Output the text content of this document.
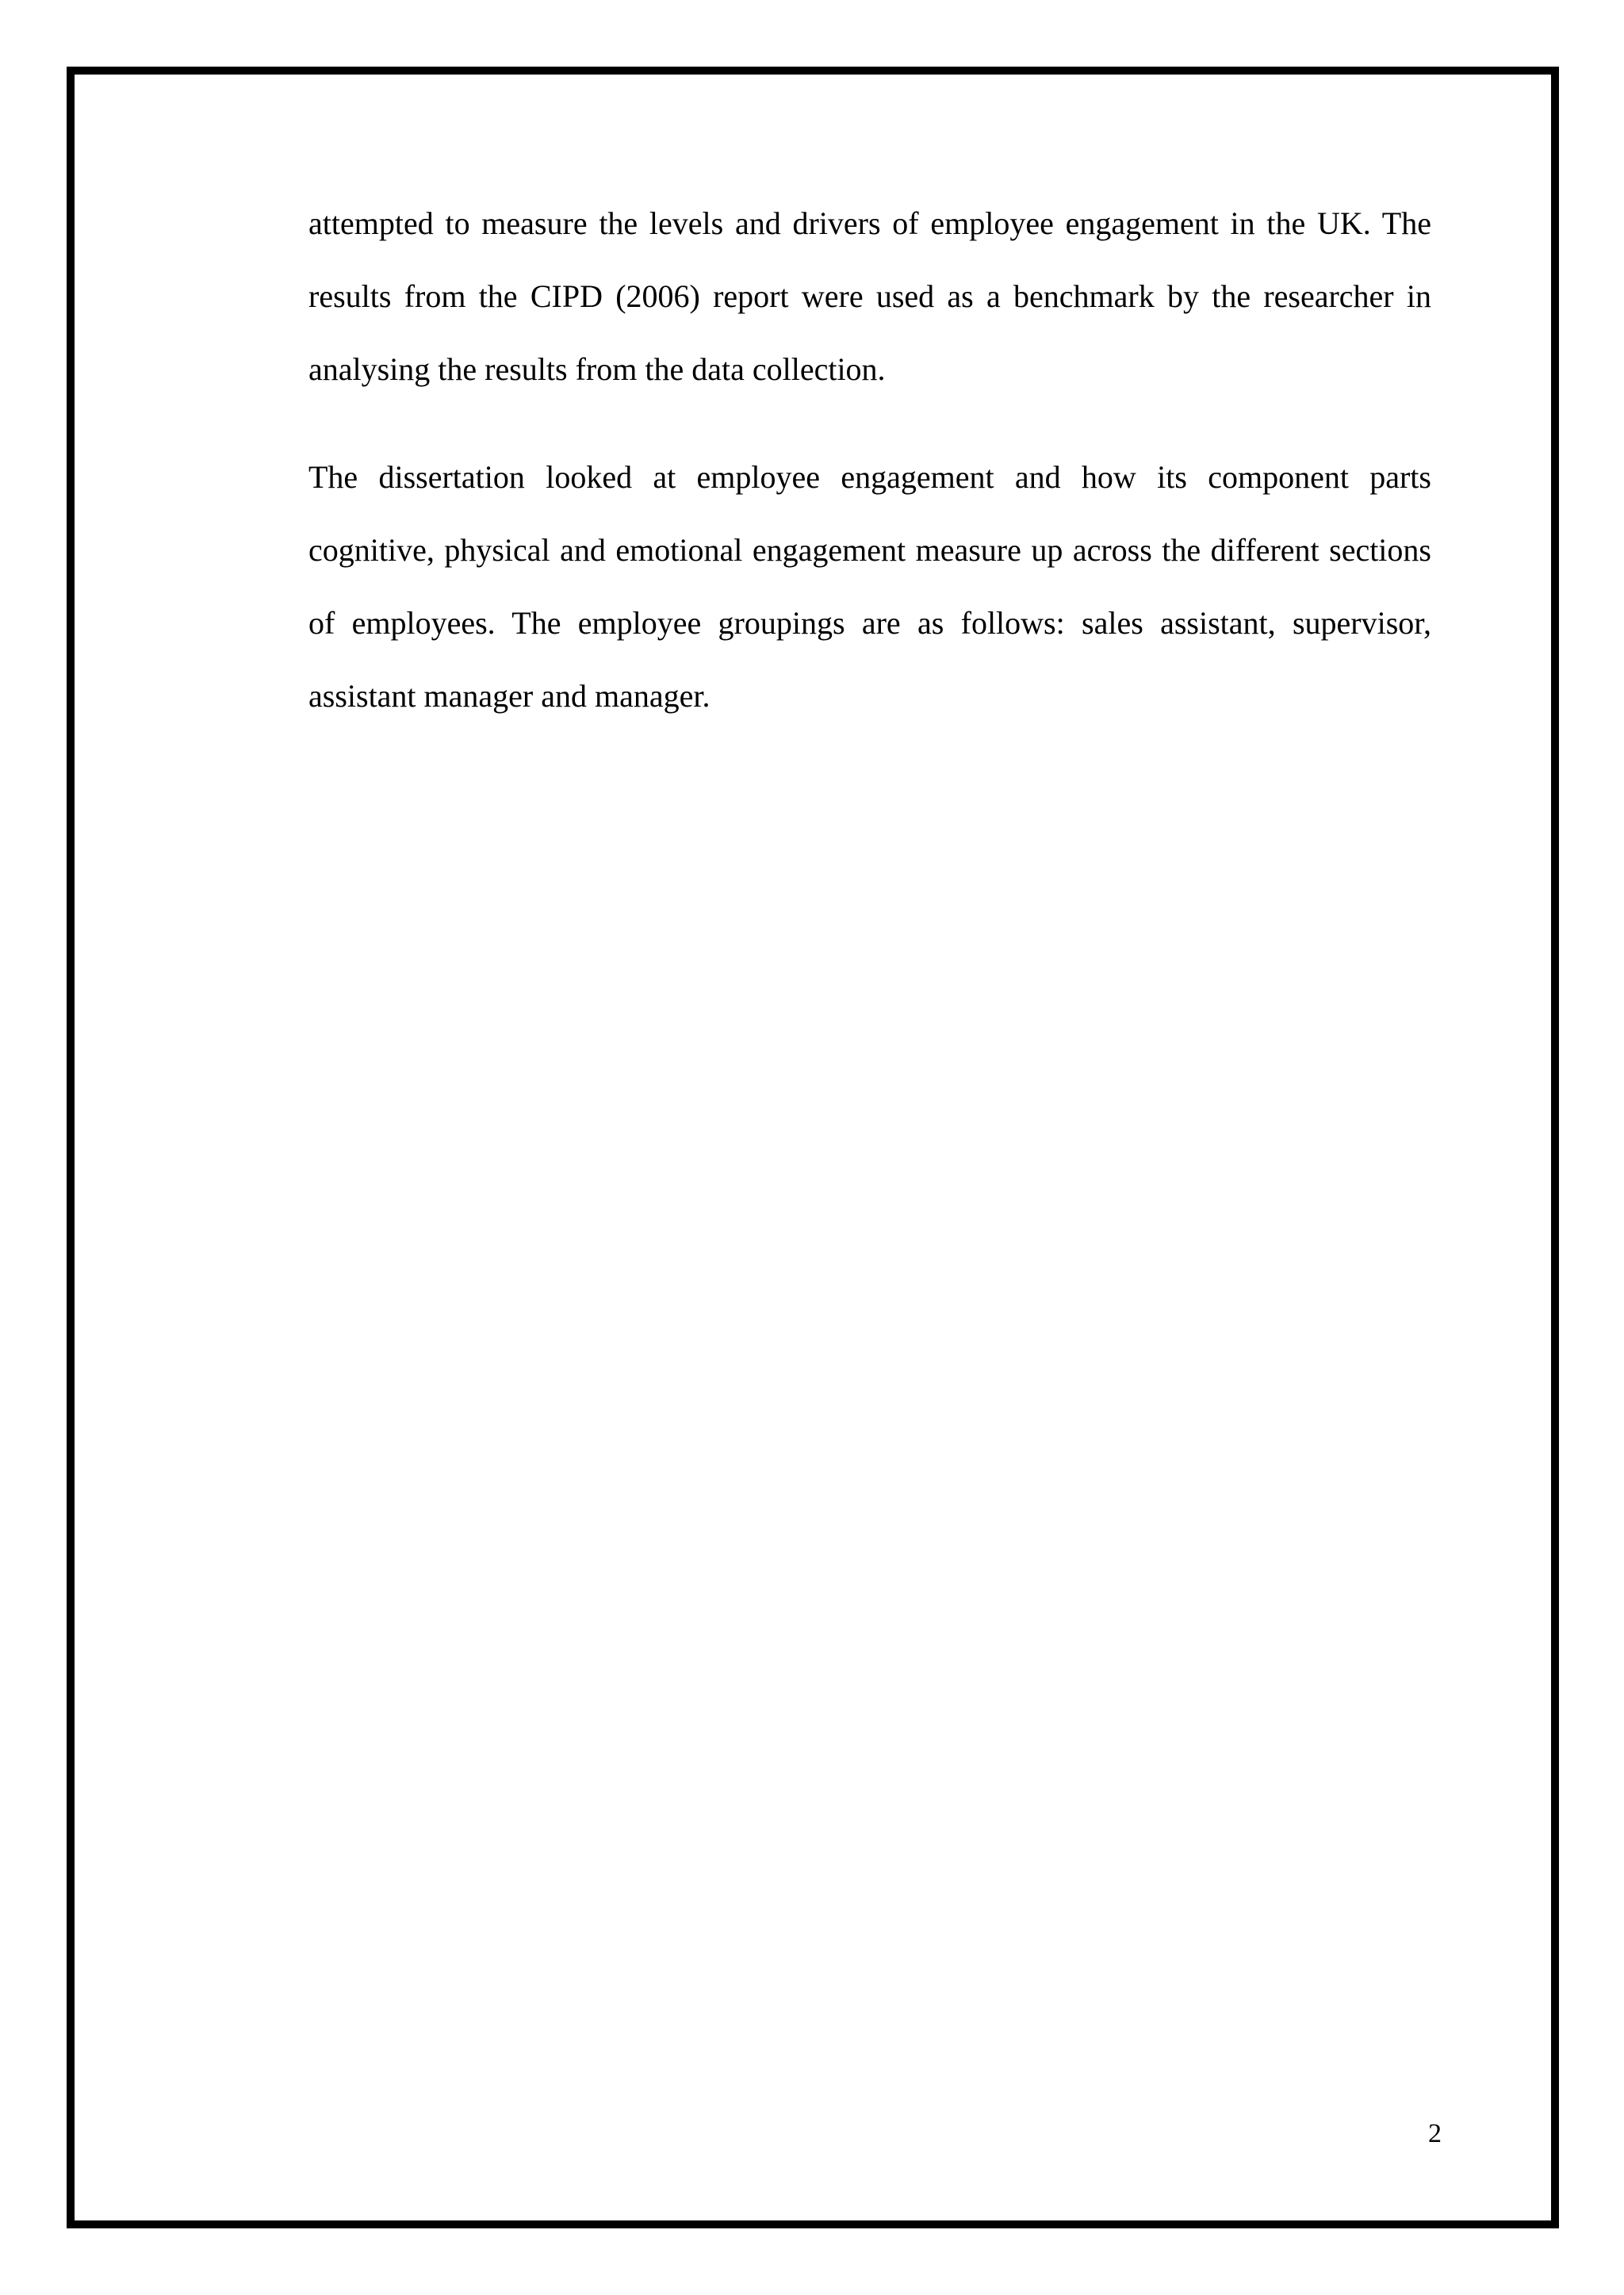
attempted to measure the levels and drivers of employee engagement in the UK. The results from the CIPD (2006) report were used as a benchmark by the researcher in analysing the results from the data collection.

The dissertation looked at employee engagement and how its component parts cognitive, physical and emotional engagement measure up across the different sections of employees. The employee groupings are as follows: sales assistant, supervisor, assistant manager and manager.

2
